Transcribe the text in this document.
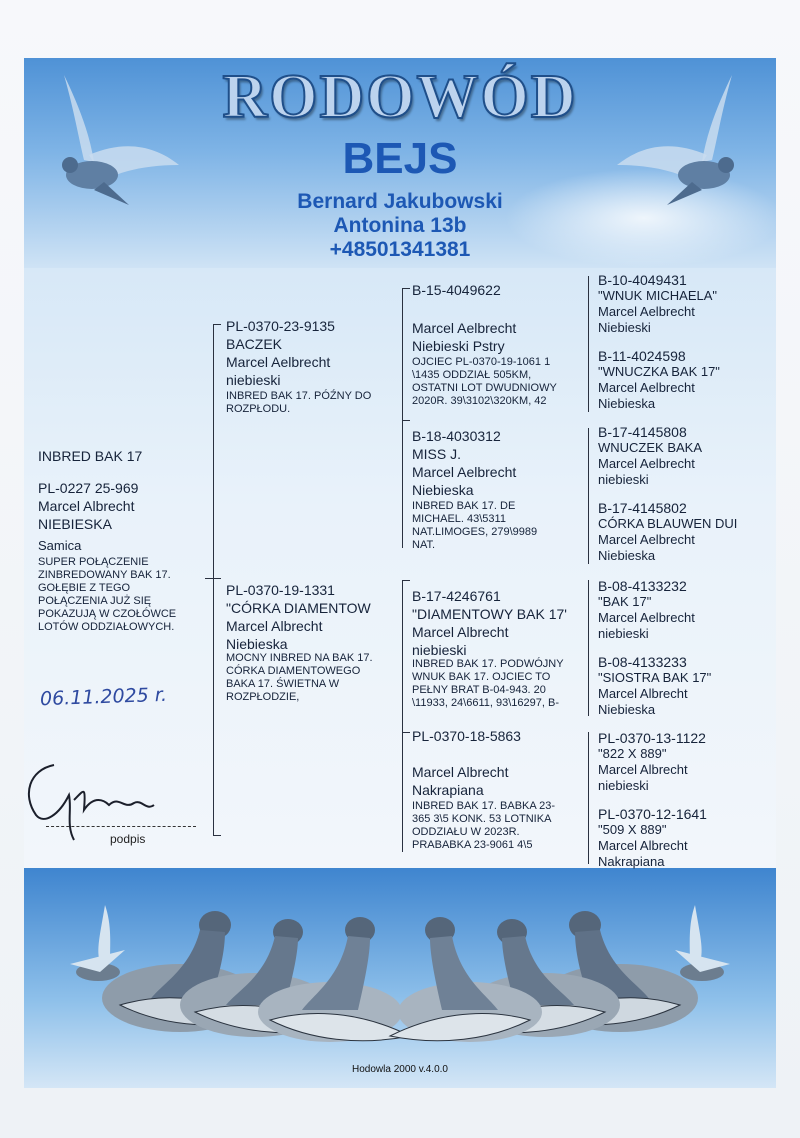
RODOWÓD
BEJS
Bernard Jakubowski
Antonina 13b
+48501341381
INBRED BAK 17
PL-0227 25-969
Marcel Albrecht
NIEBIESKA
Samica
SUPER POŁĄCZENIE
ZINBREDOWANY BAK 17.
GOŁĘBIE Z TEGO
POŁĄCZENIA JUŻ SIĘ
POKAZUJĄ W CZOŁÓWCE
LOTÓW ODDZIAŁOWYCH.
06.11.2025 r.
podpis
PL-0370-23-9135
BACZEK
Marcel Aelbrecht
niebieski
INBRED BAK 17. PÓŹNY DO
ROZPŁODU.
PL-0370-19-1331
"CÓRKA DIAMENTOW
Marcel Albrecht
Niebieska
MOCNY INBRED NA BAK 17.
CÓRKA DIAMENTOWEGO
BAKA 17. ŚWIETNA W
ROZPŁODZIE,
B-15-4049622
Marcel Aelbrecht
Niebieski Pstry
OJCIEC PL-0370-19-1061 1
\1435 ODDZIAŁ 505KM,
OSTATNI LOT DWUDNIOWY
2020R. 39\3102\320KM, 42
B-18-4030312
MISS J.
Marcel Aelbrecht
Niebieska
INBRED BAK 17. DE
MICHAEL. 43\5311
NAT.LIMOGES, 279\9989
NAT.
B-17-4246761
"DIAMENTOWY BAK 17'
Marcel Albrecht
niebieski
INBRED BAK 17. PODWÓJNY
WNUK BAK 17. OJCIEC TO
PEŁNY BRAT B-04-943. 20
\11933, 24\6611, 93\16297, B-
PL-0370-18-5863
Marcel Albrecht
Nakrapiana
INBRED BAK 17. BABKA 23-
365 3\5 KONK. 53 LOTNIKA
ODDZIAŁU W 2023R.
PRABABKA 23-9061 4\5
B-10-4049431
"WNUK MICHAELA"
Marcel Aelbrecht
Niebieski
B-11-4024598
"WNUCZKA BAK 17"
Marcel Aelbrecht
Niebieska
B-17-4145808
WNUCZEK BAKA
Marcel Aelbrecht
niebieski
B-17-4145802
CÓRKA BLAUWEN DUI
Marcel Aelbrecht
Niebieska
B-08-4133232
"BAK 17"
Marcel Aelbrecht
niebieski
B-08-4133233
"SIOSTRA BAK 17"
Marcel Albrecht
Niebieska
PL-0370-13-1122
"822 X 889"
Marcel Albrecht
niebieski
PL-0370-12-1641
"509 X 889"
Marcel Albrecht
Nakrapiana
Hodowla 2000 v.4.0.0
